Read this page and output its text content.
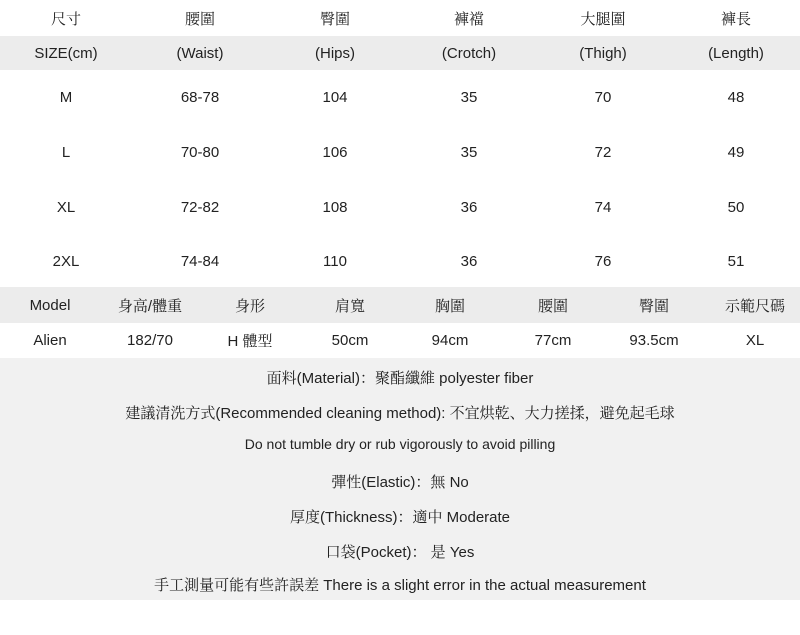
尺寸	腰圍	臀圍	褲襠	大腿圍	褲長
SIZE(cm)	(Waist)	(Hips)	(Crotch)	(Thigh)	(Length)
M	68-78	104	35	70	48
L	70-80	106	35	72	49
XL	72-82	108	36	74	50
2XL	74-84	110	36	76	51
Model	身高/體重	身形	肩寬	胸圍	腰圍	臀圍	示範尺碼
Alien	182/70	H 體型	50cm	94cm	77cm	93.5cm	XL
面料(Material)：聚酯纖維 polyester fiber
建議清洗方式(Recommended cleaning method): 不宜烘乾、大力搓揉，避免起毛球
Do not tumble dry or rub vigorously to avoid pilling
彈性(Elastic)：無 No
厚度(Thickness)：適中 Moderate
口袋(Pocket)： 是 Yes
手工測量可能有些許誤差 There is a slight error in the actual measurement
